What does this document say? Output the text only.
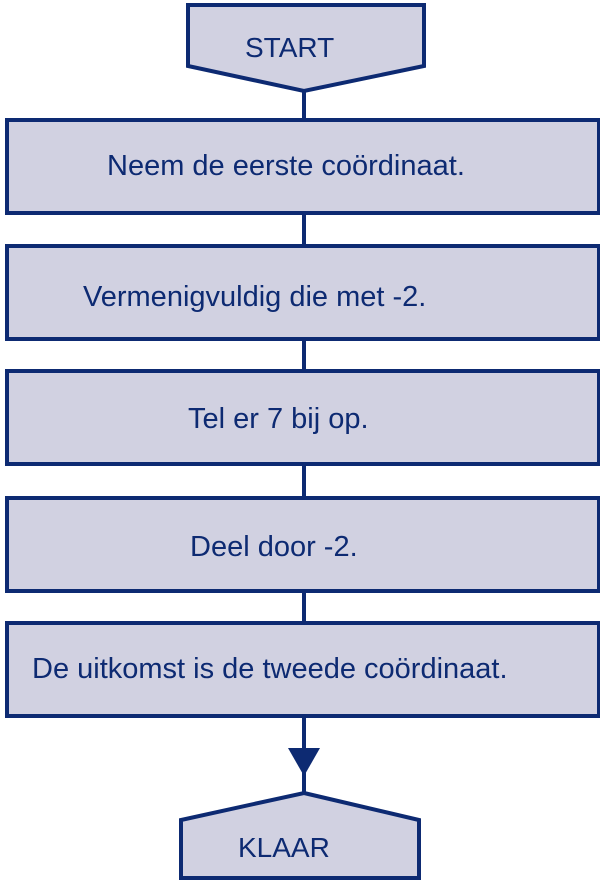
START
Neem de eerste coördinaat.
Vermenigvuldig die met -2.
Tel er 7 bij op.
Deel door -2.
De uitkomst is de tweede coördinaat.
KLAAR
